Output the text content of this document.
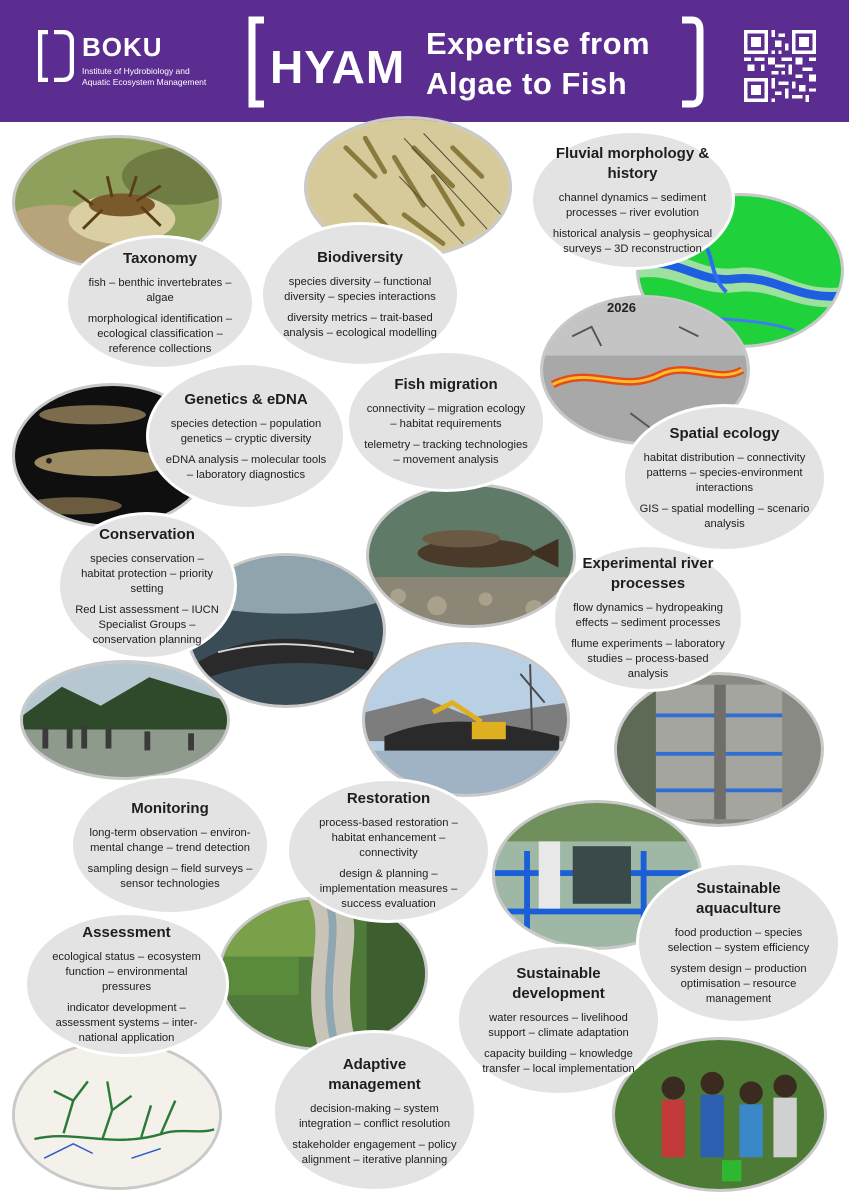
BOKU
Institute of Hydrobiology and Aquatic Ecosystem Management HYAM Expertise from
Algae to Fish
2026
Taxonomy

fish – benthic invertebrates – algae

morphological identification – ecological classification – reference collections

Biodiversity

species diversity – functional diversity – species interactions

diversity metrics – trait-based analysis – ecological modelling

Fluvial morphology & history

channel dynamics – sediment processes – river evolution

historical analysis – geophysical surveys – 3D reconstruction

Genetics & eDNA

species detection – population genetics – cryptic diversity

eDNA analysis – molecular tools – laboratory diagnostics

Fish migration

connectivity – migration ecology – habitat requirements

telemetry – tracking technologies – movement analysis

Spatial ecology

habitat distribution – connectivity patterns – species-environment interactions

GIS – spatial modelling – scenario analysis

Conservation

species conservation – habitat protection – priority setting

Red List assessment – IUCN Specialist Groups – conservation planning

Experimental river processes

flow dynamics – hydropeaking effects – sediment processes

flume experiments – laboratory studies – process-based analysis

Monitoring

long-term observation – environmental change – trend detection

sampling design – field surveys – sensor technologies

Restoration

process-based restoration – habitat enhancement – connectivity

design & planning – implementation measures – success evaluation

Sustainable aquaculture

food production – species selection – system efficiency

system design – production optimisation – resource management

Assessment

ecological status – ecosystem function – environmental pressures

indicator development – assessment systems – international application

Sustainable development

water resources – livelihood support – climate adaptation

capacity building – knowledge transfer – local implementation

Adaptive management

decision-making – system integration – conflict resolution

stakeholder engagement – policy alignment – iterative planning
